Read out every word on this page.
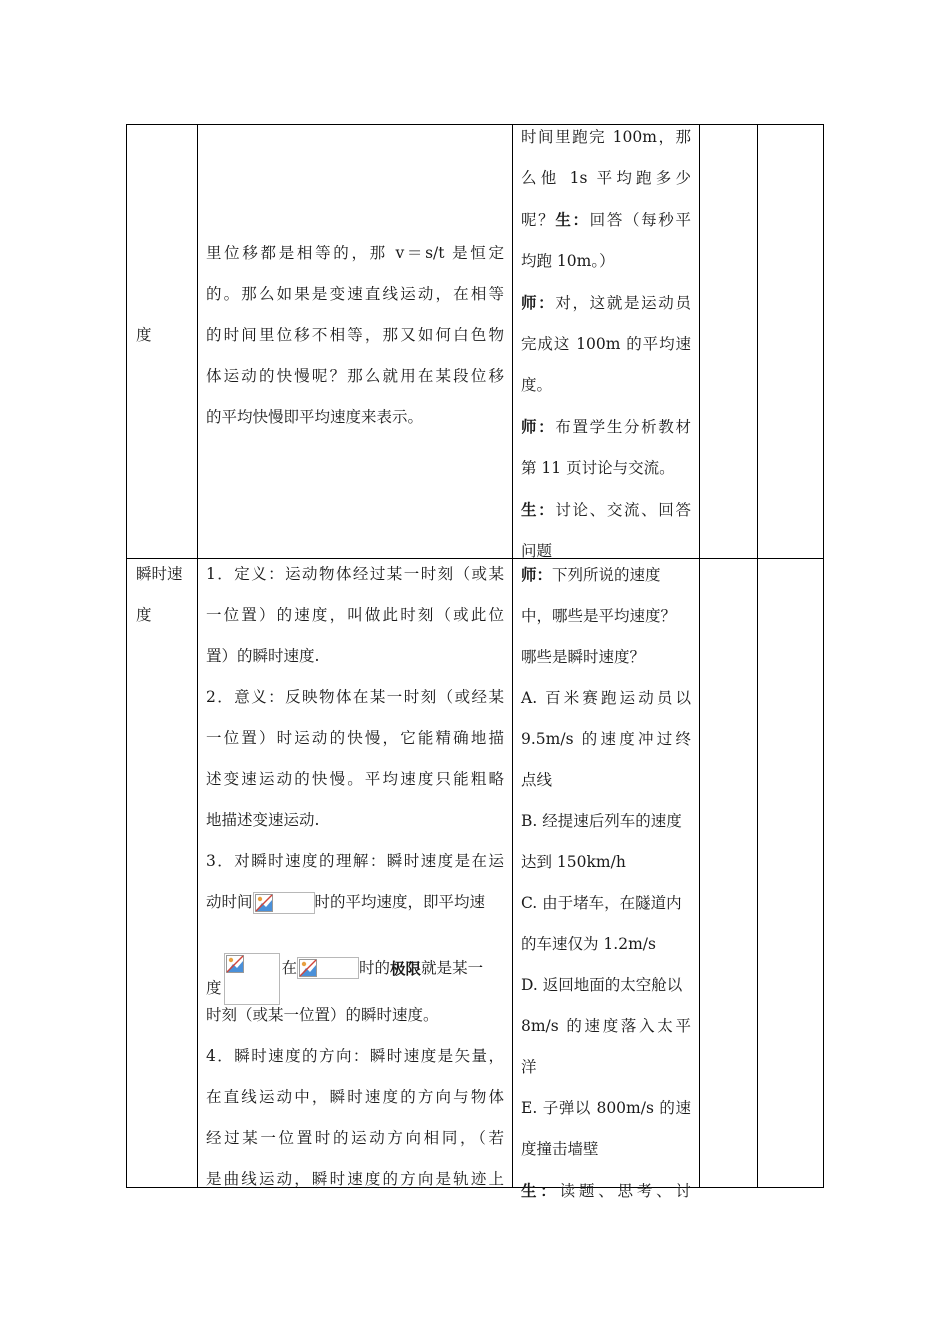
度

里位移都是相等的，那 v＝s/t 是恒定

的。那么如果是变速直线运动，在相等

的时间里位移不相等，那又如何白色物

体运动的快慢呢？那么就用在某段位移

的平均快慢即平均速度来表示。

时间里跑完 100m，那

么他 1s 平均跑多少

呢？生：回答（每秒平

均跑 10m。）

师：对，这就是运动员

完成这 100m 的平均速

度。

师：布置学生分析教材

第 11 页讨论与交流。

生：讨论、交流、回答

问题

瞬时速

度

1．定义：运动物体经过某一时刻（或某

一位置）的速度，叫做此时刻（或此位

置）的瞬时速度.

2．意义：反映物体在某一时刻（或经某

一位置）时运动的快慢，它能精确地描

述变速运动的快慢。平均速度只能粗略

地描述变速运动.

3．对瞬时速度的理解：瞬时速度是在运

动时间	时的平均速度，即平均速

度
在	时的 极限 就是某一

时刻（或某一位置）的瞬时速度。

4．瞬时速度的方向：瞬时速度是矢量，

在直线运动中，瞬时速度的方向与物体

经过某一位置时的运动方向相同，（若

是曲线运动，瞬时速度的方向是轨迹上

师：下列所说的速度

中，哪些是平均速度？

哪些是瞬时速度？

A. 百米赛跑运动员以

9.5m/s 的速度冲过终

点线

B. 经提速后列车的速度

达到 150km/h

C. 由于堵车，在隧道内

的车速仅为 1.2m/s

D. 返回地面的太空舱以

8m/s 的速度落入太平

洋

E. 子弹以 800m/s 的速

度撞击墙壁

生：读题、思考、讨
